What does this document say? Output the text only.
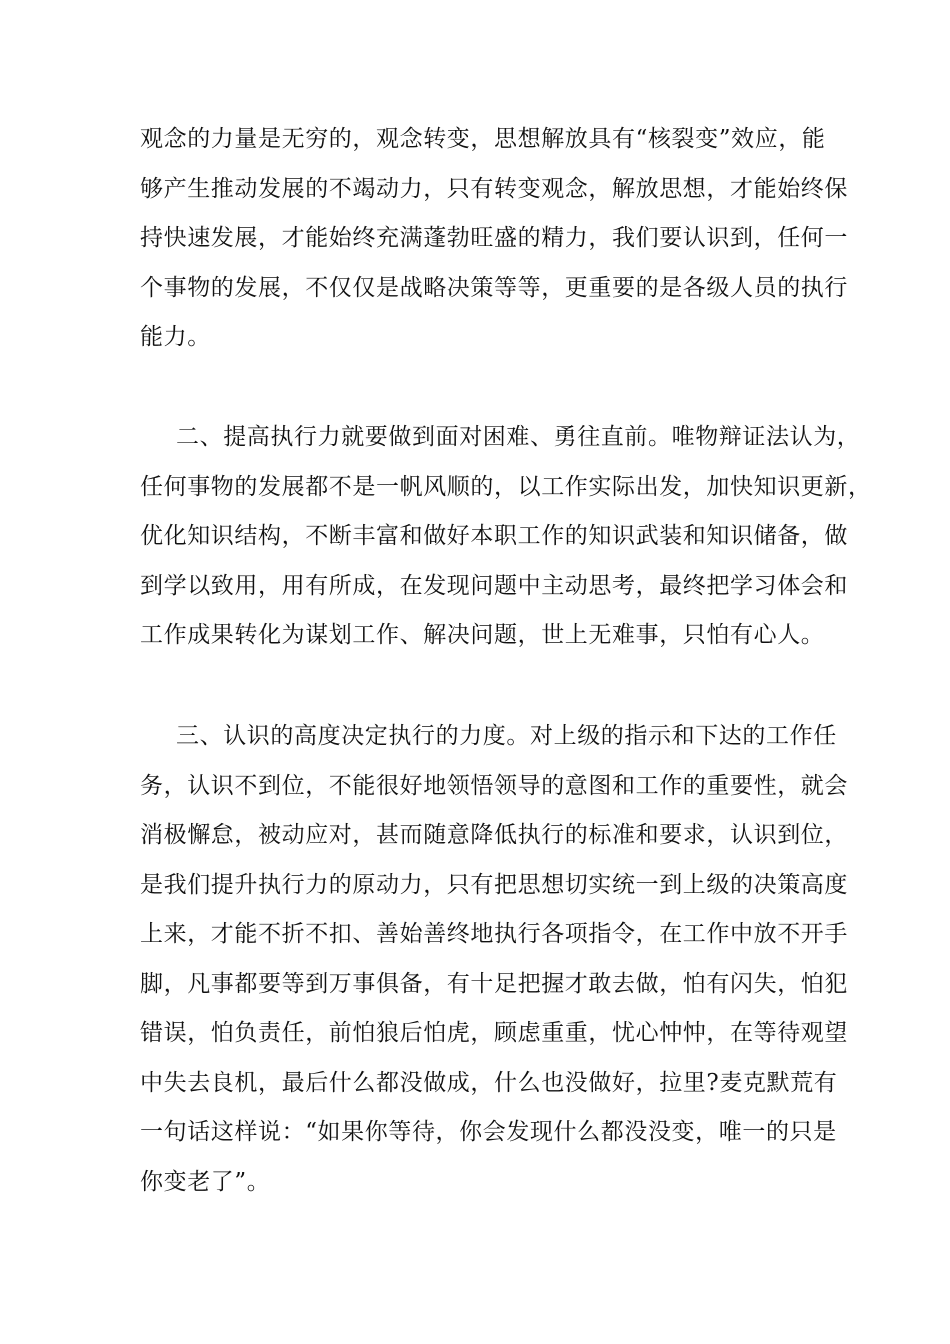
观念的力量是无穷的，观念转变，思想解放具有“核裂变”效应，能
够产生推动发展的不竭动力，只有转变观念，解放思想，才能始终保
持快速发展，才能始终充满蓬勃旺盛的精力，我们要认识到，任何一
个事物的发展，不仅仅是战略决策等等，更重要的是各级人员的执行
能力。
二、提高执行力就要做到面对困难、勇往直前。唯物辩证法认为，
任何事物的发展都不是一帆风顺的，以工作实际出发，加快知识更新，
优化知识结构，不断丰富和做好本职工作的知识武装和知识储备，做
到学以致用，用有所成，在发现问题中主动思考，最终把学习体会和
工作成果转化为谋划工作、解决问题，世上无难事，只怕有心人。
三、认识的高度决定执行的力度。对上级的指示和下达的工作任
务，认识不到位，不能很好地领悟领导的意图和工作的重要性，就会
消极懈怠，被动应对，甚而随意降低执行的标准和要求，认识到位，
是我们提升执行力的原动力，只有把思想切实统一到上级的决策高度
上来，才能不折不扣、善始善终地执行各项指令，在工作中放不开手
脚，凡事都要等到万事俱备，有十足把握才敢去做，怕有闪失，怕犯
错误，怕负责任，前怕狼后怕虎，顾虑重重，忧心忡忡，在等待观望
中失去良机，最后什么都没做成，什么也没做好，拉里?麦克默荒有
一句话这样说：“如果你等待，你会发现什么都没没变，唯一的只是
你变老了”。
